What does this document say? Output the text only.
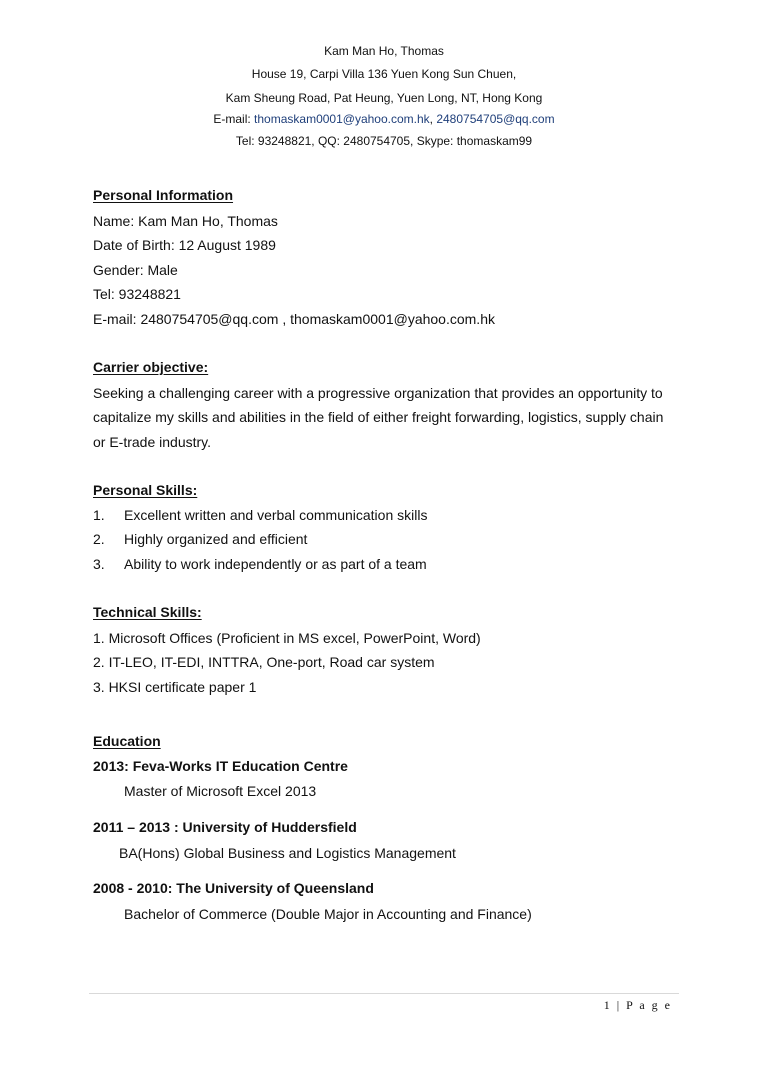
Kam Man Ho, Thomas
House 19, Carpi Villa 136 Yuen Kong Sun Chuen,
Kam Sheung Road, Pat Heung, Yuen Long, NT, Hong Kong
E-mail: thomaskam0001@yahoo.com.hk, 2480754705@qq.com
Tel: 93248821, QQ: 2480754705, Skype: thomaskam99
Personal Information
Name: Kam Man Ho, Thomas
Date of Birth: 12 August 1989
Gender: Male
Tel: 93248821
E-mail: 2480754705@qq.com , thomaskam0001@yahoo.com.hk
Carrier objective:
Seeking a challenging career with a progressive organization that provides an opportunity to
capitalize my skills and abilities in the field of either freight forwarding, logistics, supply chain
or E-trade industry.
Personal Skills:
1. Excellent written and verbal communication skills
2. Highly organized and efficient
3. Ability to work independently or as part of a team
Technical Skills:
1. Microsoft Offices (Proficient in MS excel, PowerPoint, Word)
2. IT-LEO, IT-EDI, INTTRA, One-port, Road car system
3. HKSI certificate paper 1
Education
2013: Feva-Works IT Education Centre
Master of Microsoft Excel 2013
2011 – 2013 : University of Huddersfield
BA(Hons) Global Business and Logistics Management
2008 - 2010: The University of Queensland
Bachelor of Commerce (Double Major in Accounting and Finance)
1 | P a g e
